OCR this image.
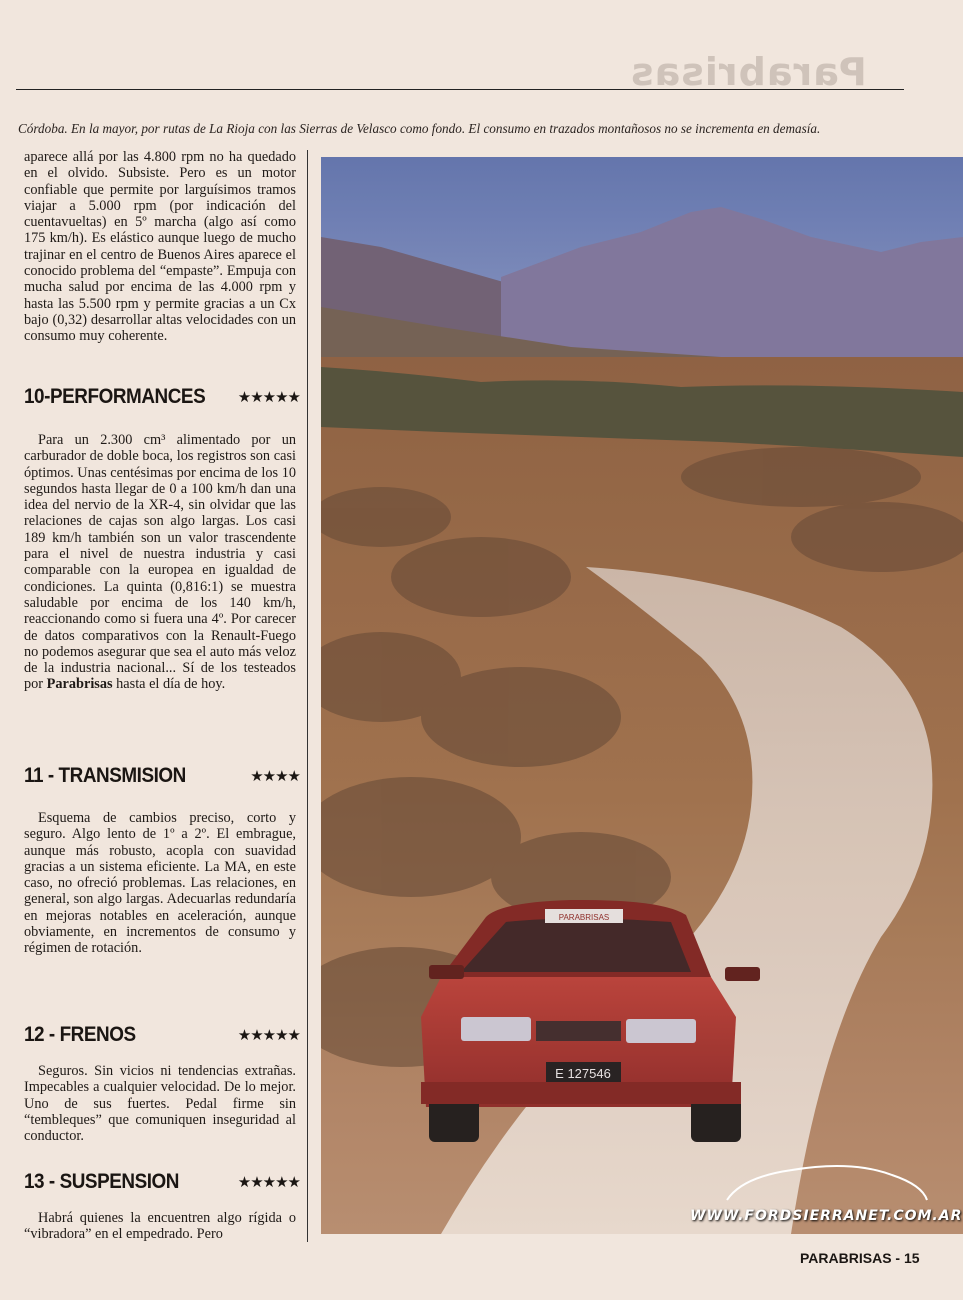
Parabrisas
Córdoba. En la mayor, por rutas de La Rioja con las Sierras de Velasco como fondo. El consumo en trazados montañosos no se incrementa en demasía.

aparece allá por las 4.800 rpm no ha quedado en el olvido. Subsiste. Pero es un motor confiable que permite por larguísimos tramos viajar a 5.000 rpm (por indicación del cuentavueltas) en 5º marcha (algo así como 175 km/h). Es elástico aunque luego de mucho trajinar en el centro de Buenos Aires aparece el conocido problema del “empaste”. Empuja con mucha salud por encima de las 4.000 rpm y hasta las 5.500 rpm y permite gracias a un Cx bajo (0,32) desarrollar altas velocidades con un consumo muy coherente.

10-PERFORMANCES ★★★★★

Para un 2.300 cm³ alimentado por un carburador de doble boca, los registros son casi óptimos. Unas centésimas por encima de los 10 segundos hasta llegar de 0 a 100 km/h dan una idea del nervio de la XR-4, sin olvidar que las relaciones de cajas son algo largas. Los casi 189 km/h también son un valor trascendente para el nivel de nuestra industria y casi comparable con la europea en igualdad de condiciones. La quinta (0,816:1) se muestra saludable por encima de los 140 km/h, reaccionando como si fuera una 4º. Por carecer de datos comparativos con la Renault-Fuego no podemos asegurar que sea el auto más veloz de la industria nacional... Sí de los testeados por Parabrisas hasta el día de hoy.

11 - TRANSMISION	★★★★

Esquema de cambios preciso, corto y seguro. Algo lento de 1º a 2º. El embrague, aunque más robusto, acopla con suavidad gracias a un sistema eficiente. La MA, en este caso, no ofreció problemas. Las relaciones, en general, son algo largas. Adecuarlas redundaría en mejoras notables en aceleración, aunque obviamente, en incrementos de consumo y régimen de rotación.

12 - FRENOS	★★★★★

Seguros. Sin vicios ni tendencias extrañas. Impecables a cualquier velocidad. De lo mejor. Uno de sus fuertes. Pedal firme sin “tembleques” que comuniquen inseguridad al conductor.

13 - SUSPENSION	★★★★★

Habrá quienes la encuentren algo rígida o “vibradora” en el empedrado. Pero

PARABRISAS
E 127546
WWW.FORDSIERRANET.COM.AR
PARABRISAS - 15
